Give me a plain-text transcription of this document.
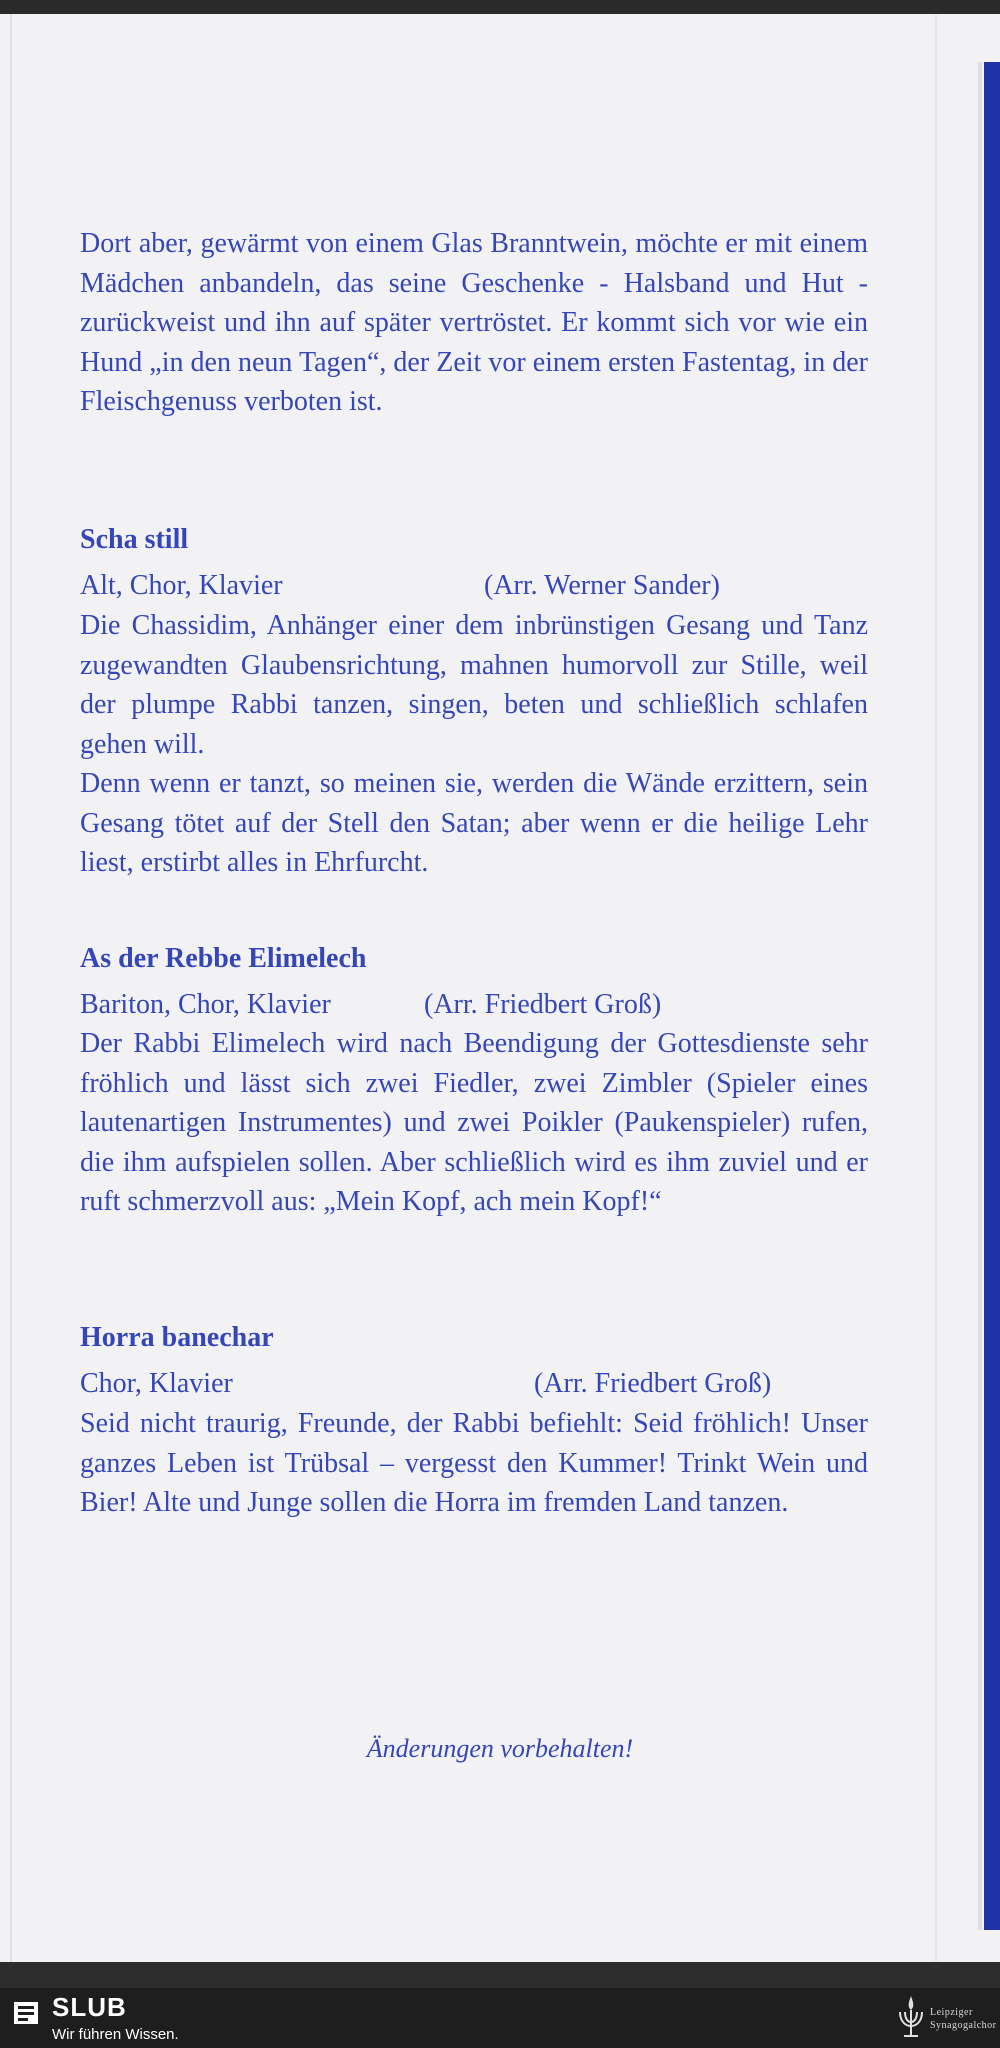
Dort aber, gewärmt von einem Glas Branntwein, möchte er mit einem Mädchen anbandeln, das seine Geschenke - Halsband und Hut - zurückweist und ihn auf später vertröstet. Er kommt sich vor wie ein Hund „in den neun Tagen“, der Zeit vor einem ersten Fastentag, in der Fleischgenuss verboten ist.

Scha still
Alt, Chor, Klavier	(Arr. Werner Sander)

Die Chassidim, Anhänger einer dem inbrünstigen Gesang und Tanz zugewandten Glaubensrichtung, mahnen humorvoll zur Stille, weil der plumpe Rabbi tanzen, singen, beten und schließlich schlafen gehen will.

Denn wenn er tanzt, so meinen sie, werden die Wände erzittern, sein Gesang tötet auf der Stell den Satan; aber wenn er die heilige Lehr liest, erstirbt alles in Ehrfurcht.

As der Rebbe Elimelech
Bariton, Chor, Klavier	(Arr. Friedbert Groß)

Der Rabbi Elimelech wird nach Beendigung der Gottesdienste sehr fröhlich und lässt sich zwei Fiedler, zwei Zimbler (Spieler eines lautenartigen Instrumentes) und zwei Poikler (Paukenspieler) rufen, die ihm aufspielen sollen. Aber schließlich wird es ihm zuviel und er ruft schmerzvoll aus: „Mein Kopf, ach mein Kopf!“

Horra banechar
Chor, Klavier	(Arr. Friedbert Groß)

Seid nicht traurig, Freunde, der Rabbi befiehlt: Seid fröhlich! Unser ganzes Leben ist Trübsal – vergesst den Kummer! Trinkt Wein und Bier! Alte und Junge sollen die Horra im fremden Land tanzen.

Änderungen vorbehalten!
SLUB
Wir führen Wissen.
Leipziger
Synagogalchor
